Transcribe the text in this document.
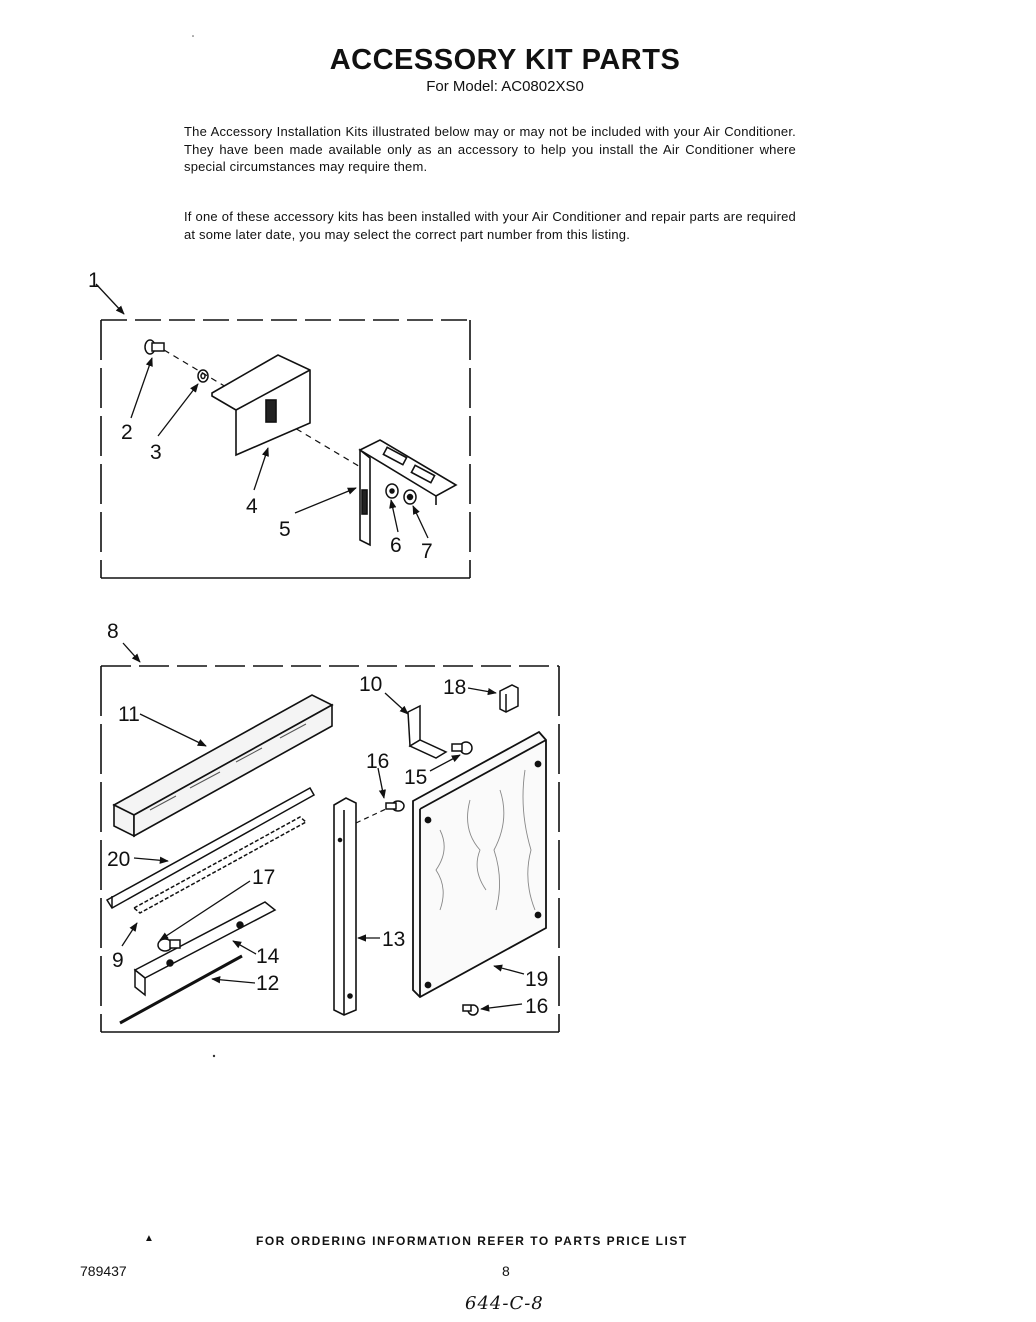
ACCESSORY KIT PARTS
For Model: AC0802XS0
The Accessory Installation Kits illustrated below may or may not be included with your Air Conditioner. They have been made available only as an accessory to help you install the Air Conditioner where special circumstances may require them.
If one of these accessory kits has been installed with your Air Conditioner and repair parts are required at some later date, you may select the correct part number from this listing.
1
2
3
4
5
6 7
8
10	18
11
16
15
20
17
13
9	14
12	19
16
▲	FOR ORDERING INFORMATION REFER TO PARTS PRICE LIST
789437	8
644-C-8
